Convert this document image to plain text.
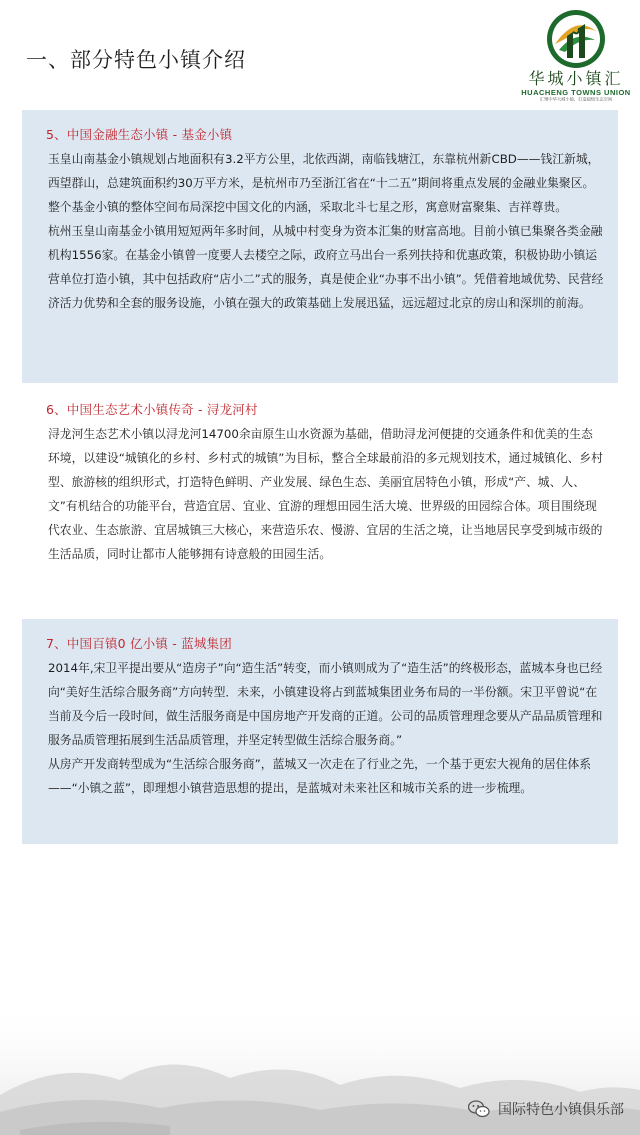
一、部分特色小镇介绍
华城小镇汇
HUACHENG TOWNS UNION
汇聚中华大城小镇，打造超级生态空间
5、中国金融生态小镇 - 基金小镇

玉皇山南基金小镇规划占地面积有3.2平方公里，北依西湖，南临钱塘江，东靠杭州新CBD——钱江新城，西望群山，总建筑面积约30万平方米，是杭州市乃至浙江省在“十二五”期间将重点发展的金融业集聚区。整个基金小镇的整体空间布局深挖中国文化的内涵，采取北斗七星之形，寓意财富聚集、吉祥尊贵。

杭州玉皇山南基金小镇用短短两年多时间，从城中村变身为资本汇集的财富高地。目前小镇已集聚各类金融机构1556家。在基金小镇曾一度要人去楼空之际，政府立马出台一系列扶持和优惠政策，积极协助小镇运营单位打造小镇，其中包括政府“店小二”式的服务，真是使企业“办事不出小镇”。凭借着地域优势、民营经济活力优势和全套的服务设施，小镇在强大的政策基础上发展迅猛，远远超过北京的房山和深圳的前海。

6、中国生态艺术小镇传奇 - 浔龙河村

浔龙河生态艺术小镇以浔龙河14700余亩原生山水资源为基础，借助浔龙河便捷的交通条件和优美的生态环境，以建设“城镇化的乡村、乡村式的城镇”为目标，整合全球最前沿的多元规划技术，通过城镇化、乡村型、旅游核的组织形式，打造特色鲜明、产业发展、绿色生态、美丽宜居特色小镇，形成“产、城、人、文”有机结合的功能平台，营造宜居、宜业、宜游的理想田园生活大境、世界级的田园综合体。项目围绕现代农业、生态旅游、宜居城镇三大核心，来营造乐农、慢游、宜居的生活之境，让当地居民享受到城市级的生活品质，同时让都市人能够拥有诗意般的田园生活。

7、中国百镇0 亿小镇 - 蓝城集团

2014年,宋卫平提出要从“造房子”向“造生活”转变，而小镇则成为了“造生活”的终极形态，蓝城本身也已经向“美好生活综合服务商”方向转型．未来，小镇建设将占到蓝城集团业务布局的一半份额。宋卫平曾说“在当前及今后一段时间，做生活服务商是中国房地产开发商的正道。公司的品质管理理念要从产品品质管理和服务品质管理拓展到生活品质管理，并坚定转型做生活综合服务商。”

从房产开发商转型成为“生活综合服务商”，蓝城又一次走在了行业之先，一个基于更宏大视角的居住体系——“小镇之蓝”，即理想小镇营造思想的提出，是蓝城对未来社区和城市关系的进一步梳理。

国际特色小镇俱乐部
